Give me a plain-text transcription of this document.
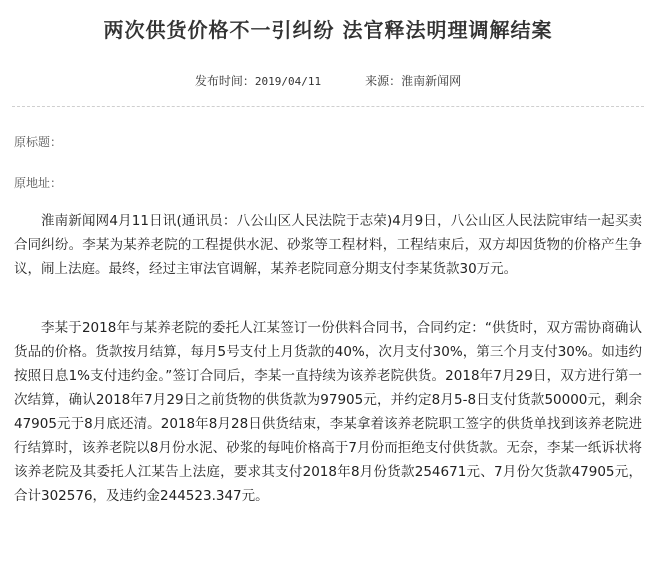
两次供货价格不一引纠纷 法官释法明理调解结案
发布时间：2019/04/11	来源：淮南新闻网
原标题：
原地址：

淮南新闻网4月11日讯(通讯员：八公山区人民法院于志荣)4月9日，八公山区人民法院审结一起买卖合同纠纷。李某为某养老院的工程提供水泥、砂浆等工程材料，工程结束后，双方却因货物的价格产生争议，闹上法庭。最终，经过主审法官调解，某养老院同意分期支付李某货款30万元。

李某于2018年与某养老院的委托人江某签订一份供料合同书，合同约定：“供货时，双方需协商确认货品的价格。货款按月结算，每月5号支付上月货款的40%，次月支付30%，第三个月支付30%。如违约按照日息1%支付违约金。”签订合同后，李某一直持续为该养老院供货。2018年7月29日，双方进行第一次结算，确认2018年7月29日之前货物的供货款为97905元，并约定8月5-8日支付货款50000元，剩余47905元于8月底还清。2018年8月28日供货结束，李某拿着该养老院职工签字的供货单找到该养老院进行结算时，该养老院以8月份水泥、砂浆的每吨价格高于7月份而拒绝支付供货款。无奈，李某一纸诉状将该养老院及其委托人江某告上法庭，要求其支付2018年8月份货款254671元、7月份欠货款47905元，合计302576，及违约金244523.347元。
